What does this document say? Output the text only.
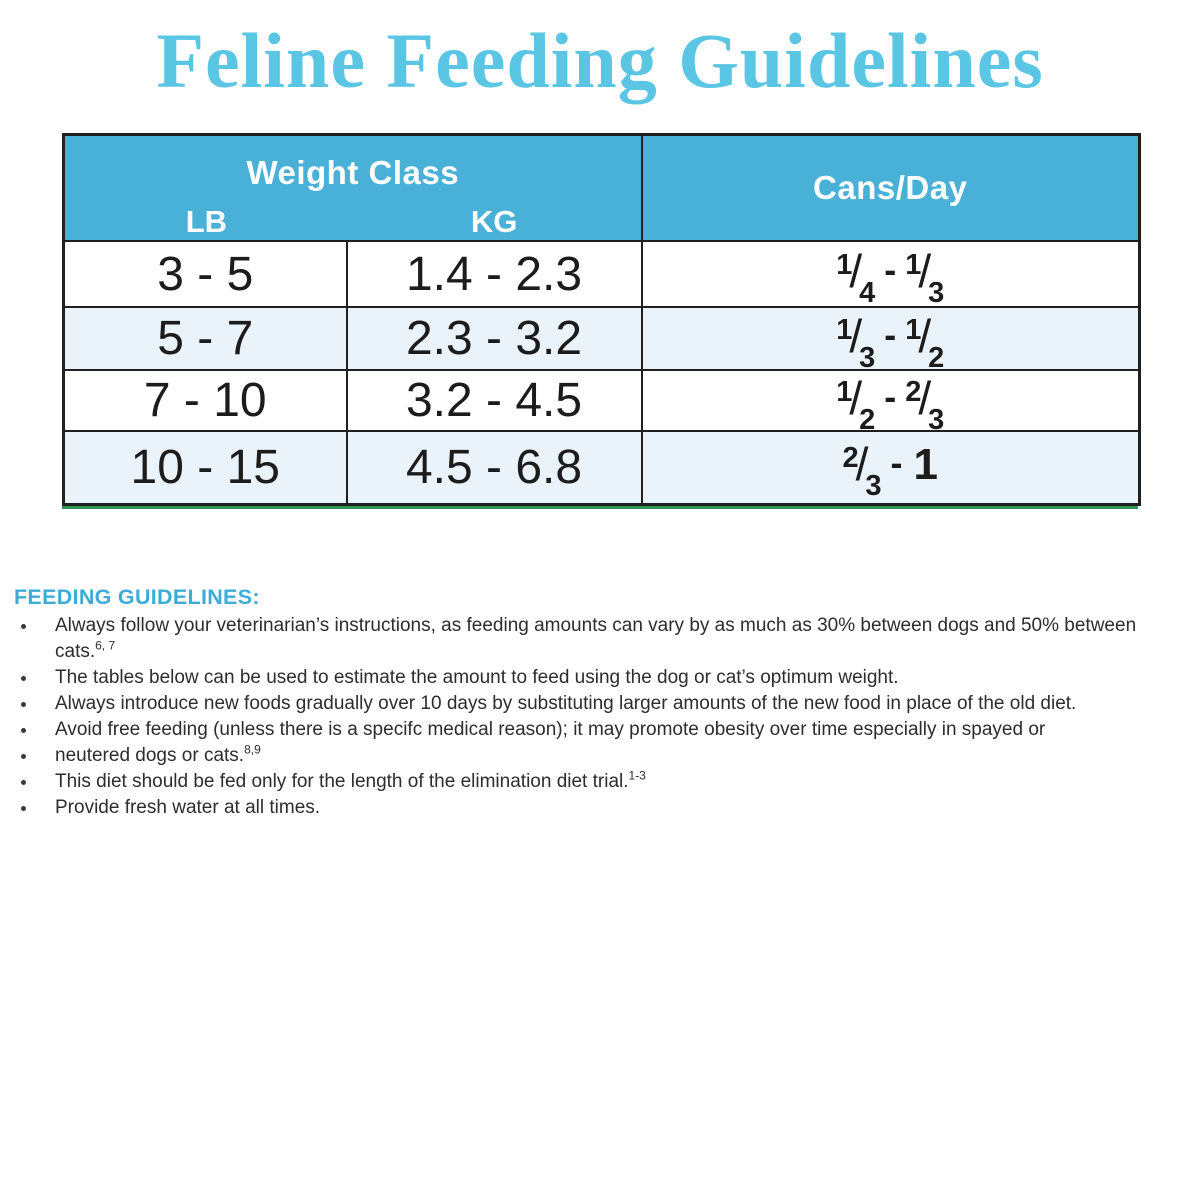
Feline Feeding Guidelines
Weight Class
LB KG		Cans/Day
3 - 5	1.4 - 2.3	$^1/_4-$ $^1/_3$
5 - 7	2.3 - 3.2	$^1/_3-$ $^1/_2$
7 - 10	3.2 - 4.5	$^1/_2-$ $^2/_3$
10 - 15	4.5 - 6.8	$^2/_3-$ 1
FEEDING GUIDELINES:
Always follow your veterinarian’s instructions, as feeding amounts can vary by as much as 30% between dogs and 50% between cats.$^{6, 7}$
The tables below can be used to estimate the amount to feed using the dog or cat’s optimum weight.
Always introduce new foods gradually over 10 days by substituting larger amounts of the new food in place of the old diet.
Avoid free feeding (unless there is a specifc medical reason); it may promote obesity over time especially in spayed or
neutered dogs or cats.$^{8,9}$
This diet should be fed only for the length of the elimination diet trial.$^{1-3}$
Provide fresh water at all times.
